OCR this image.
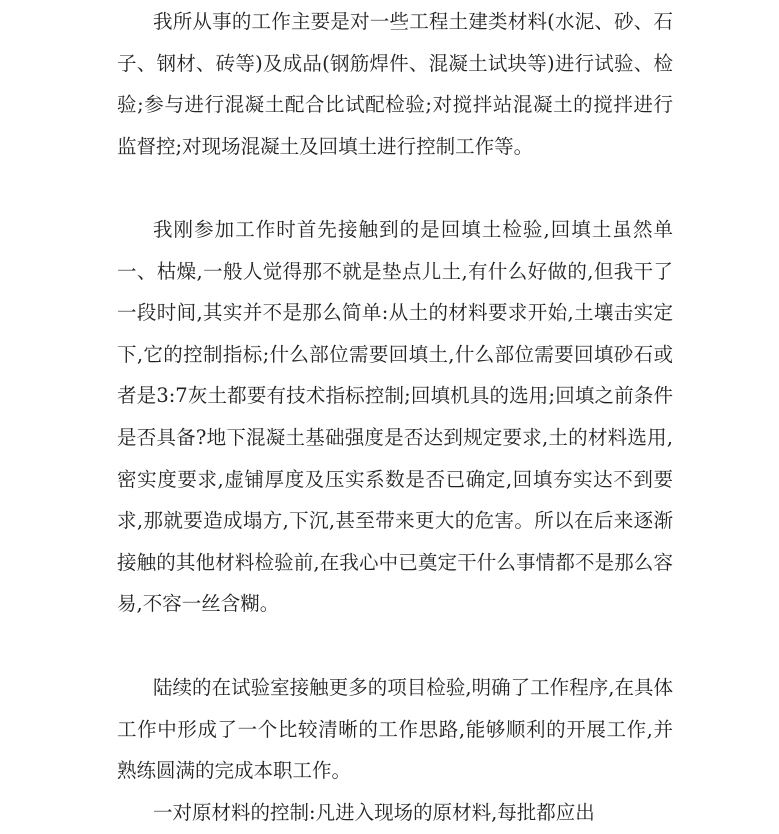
我所从事的工作主要是对一些工程土建类材料(水泥、砂、石子、钢材、砖等)及成品(钢筋焊件、混凝土试块等)进行试验、检验;参与进行混凝土配合比试配检验;对搅拌站混凝土的搅拌进行监督控;对现场混凝土及回填土进行控制工作等。

我刚参加工作时首先接触到的是回填土检验,回填土虽然单一、枯燥,一般人觉得那不就是垫点儿土,有什么好做的,但我干了一段时间,其实并不是那么简单:从土的材料要求开始,土壤击实定下,它的控制指标;什么部位需要回填土,什么部位需要回填砂石或者是3:7灰土都要有技术指标控制;回填机具的选用;回填之前条件是否具备?地下混凝土基础强度是否达到规定要求,土的材料选用,密实度要求,虚铺厚度及压实系数是否已确定,回填夯实达不到要求,那就要造成塌方,下沉,甚至带来更大的危害。所以在后来逐渐接触的其他材料检验前,在我心中已奠定干什么事情都不是那么容易,不容一丝含糊。

陆续的在试验室接触更多的项目检验,明确了工作程序,在具体工作中形成了一个比较清晰的工作思路,能够顺利的开展工作,并熟练圆满的完成本职工作。

一对原材料的控制:凡进入现场的原材料,每批都应出
